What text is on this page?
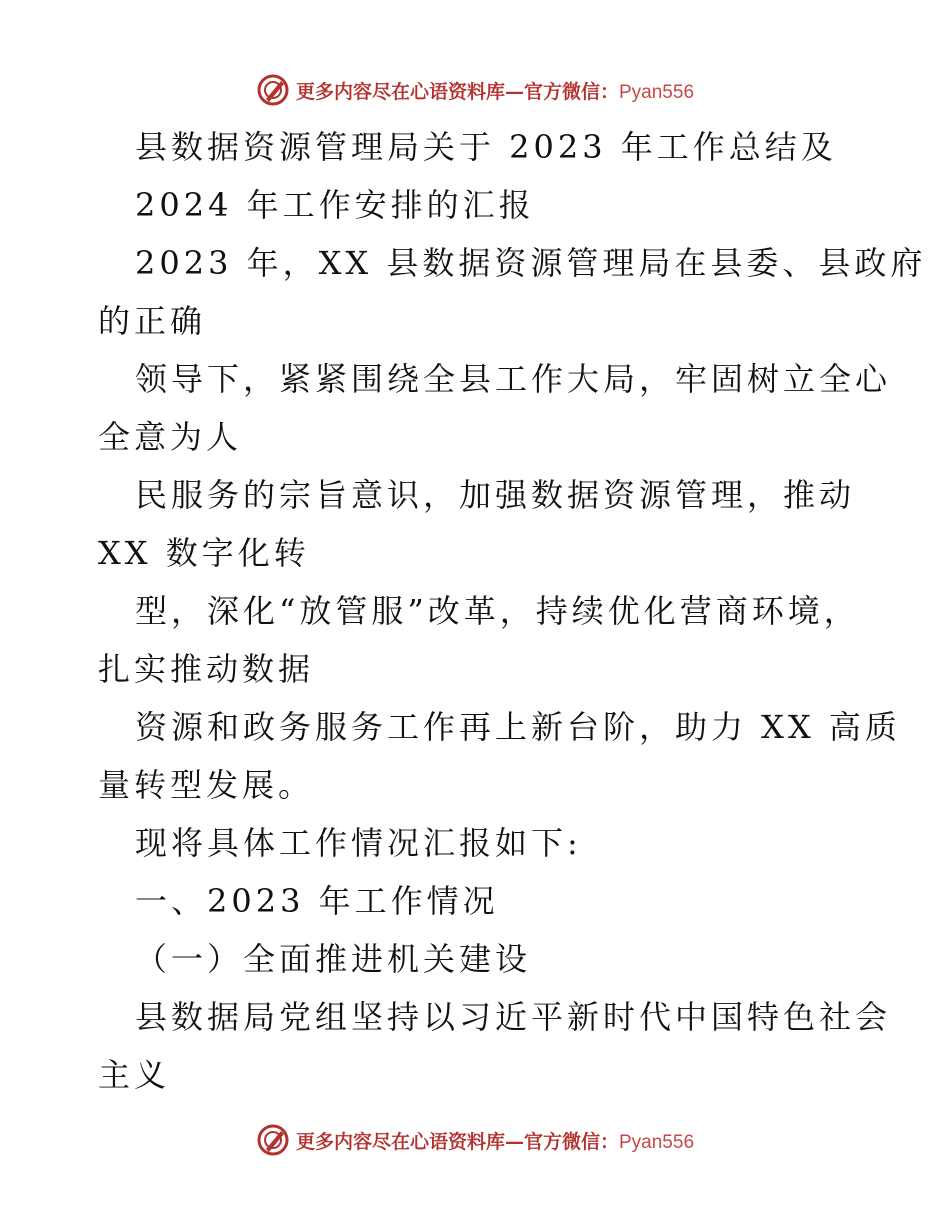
更多内容尽在心语资料库—官方微信：Pyan556
县数据资源管理局关于 2023 年工作总结及
2024 年工作安排的汇报
2023 年，XX 县数据资源管理局在县委、县政府
的正确
领导下，紧紧围绕全县工作大局，牢固树立全心
全意为人
民服务的宗旨意识，加强数据资源管理，推动
XX 数字化转
型，深化“放管服”改革，持续优化营商环境，
扎实推动数据
资源和政务服务工作再上新台阶，助力 XX 高质
量转型发展。
现将具体工作情况汇报如下:
一、2023 年工作情况
（一）全面推进机关建设
县数据局党组坚持以习近平新时代中国特色社会
主义
更多内容尽在心语资料库—官方微信：Pyan556
